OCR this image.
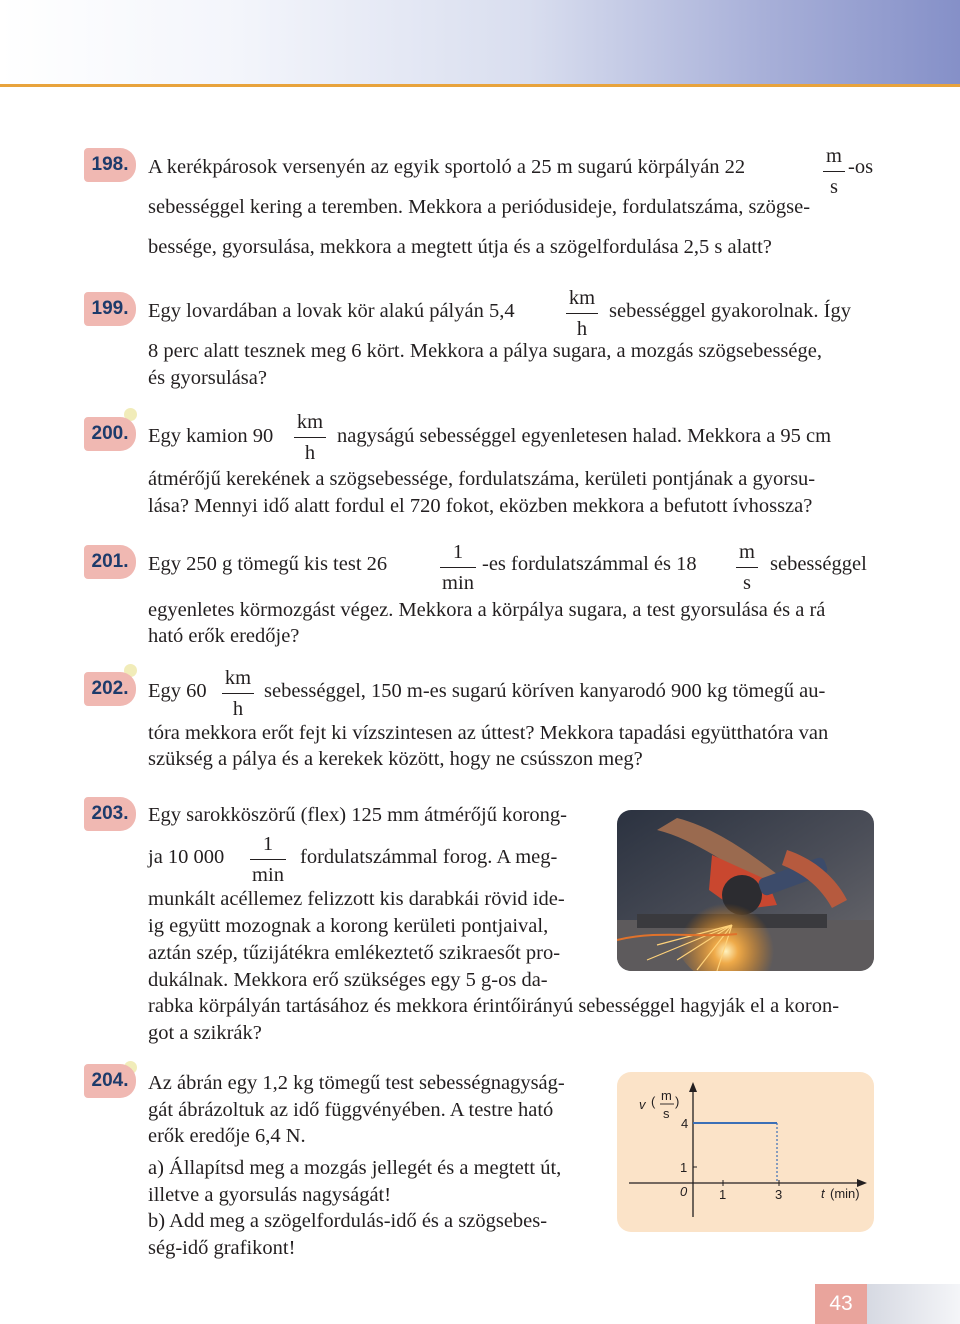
198. A kerékpárosok versenyén az egyik sportoló a 25 m sugarú körpályán 22	m
s
-os
sebességgel kering a teremben. Mekkora a periódusideje, fordulatszáma, szögse-
bessége, gyorsulása, mekkora a megtett útja és a szögelfordulása 2,5 s alatt?
199. Egy lovardában a lovak kör alakú pályán 5,4
km
h
sebességgel gyakorolnak. Így
8 perc alatt tesznek meg 6 kört. Mekkora a pálya sugara, a mozgás szögsebessége,
és gyorsulása?
200. Egy kamion 90
km
h
nagyságú sebességgel egyenletesen halad. Mekkora a 95 cm
átmérőjű kerekének a szögsebessége, fordulatszáma, kerületi pontjának a gyorsu-
lása? Mennyi idő alatt fordul el 720 fokot, eközben mekkora a befutott ívhossza?
201. Egy 250 g tömegű kis test 26
1
min
-es fordulatszámmal és 18
m
s
sebességgel
egyenletes körmozgást végez. Mekkora a körpálya sugara, a test gyorsulása és a rá
ható erők eredője?
202. Egy 60
km
h
sebességgel, 150 m-es sugarú köríven kanyarodó 900 kg tömegű au-
tóra mekkora erőt fejt ki vízszintesen az úttest? Mekkora tapadási együtthatóra van
szükség a pálya és a kerekek között, hogy ne csússzon meg?
203. Egy sarokköszörű (flex) 125 mm átmérőjű korong-
ja 10 000
1
min
fordulatszámmal forog. A meg-
munkált acéllemez felizzott kis darabkái rövid ide-
ig együtt mozognak a korong kerületi pontjaival,
aztán szép, tűzijátékra emlékeztető szikraesőt pro-
dukálnak. Mekkora erő szükséges egy 5 g-os da-
rabka körpályán tartásához és mekkora érintőirányú sebességgel hagyják el a koron-
got a szikrák?
204. Az ábrán egy 1,2 kg tömegű test sebességnagyság-
gát ábrázoltuk az idő függvényében. A testre ható
erők eredője 6,4 N.
a) Állapítsd meg a mozgás jellegét és a megtett út,
illetve a gyorsulás nagyságát!
b) Add meg a szögelfordulás-idő és a szögsebes-
ség-idő grafikont!
v ( m
s
)
1
4
0 1	3	t (min)
43
